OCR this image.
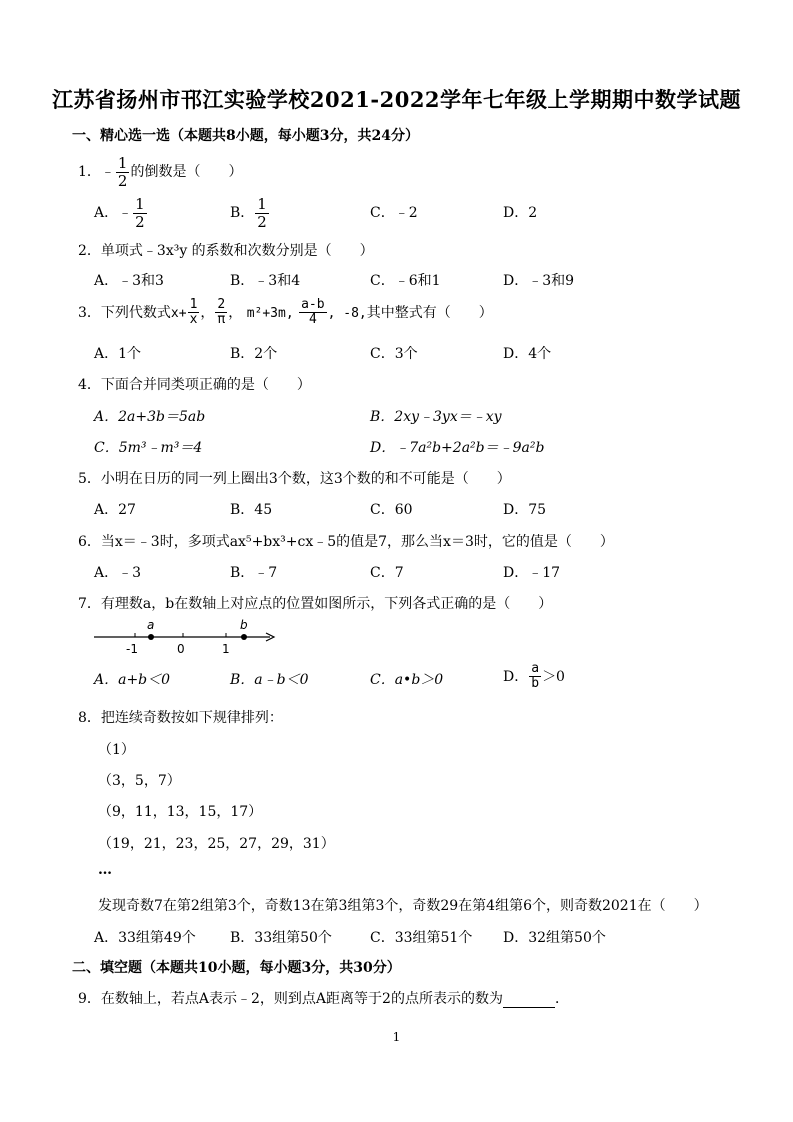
江苏省扬州市邗江实验学校2021-2022学年七年级上学期期中数学试题
一、精心选一选（本题共8小题，每小题3分，共24分）
1．﹣ $\frac{1}{2}$ 的倒数是（　　）
A．﹣ $\frac{1}{2}$	B． $\frac{1}{2}$	C．﹣2	D．2
2．单项式﹣3x³y 的系数和次数分别是（　　）
A．﹣3和3	B．﹣3和4	C．﹣6和1	D．﹣3和9
3．下列代数式$x+ \frac{1}{x}$ ， $\frac{2}{\pi}$ ， m²+3m, $\frac{a-b}{4}$ , -8,其中整式有（　　）
A．1个	B．2个	C．3个	D．4个
4．下面合并同类项正确的是（　　）
A．2a+3b＝5ab	B．2xy﹣3yx＝﹣xy
C．5m³﹣m³＝4	D．﹣7a²b+2a²b＝﹣9a²b
5．小明在日历的同一列上圈出3个数，这3个数的和不可能是（　　）
A．27	B．45	C．60	D．75
6．当x＝﹣3时，多项式ax⁵+bx³+cx﹣5的值是7，那么当x＝3时，它的值是（　　）
A．﹣3	B．﹣7	C．7	D．﹣17
7．有理数a，b在数轴上对应点的位置如图所示，下列各式正确的是（　　）
a	b
-1	0	1
A．a+b＜0	B．a﹣b＜0	C．a•b＞0	D． $\frac{a}{b} >0$
8．把连续奇数按如下规律排列：
（1）
（3，5，7）
（9，11，13，15，17）
（19，21，23，25，27，29，31）
…
发现奇数7在第2组第3个，奇数13在第3组第3个，奇数29在第4组第6个，则奇数2021在（　　）
A．33组第49个 B．33组第50个	C．33组第51个 D．32组第50个
二、填空题（本题共10小题，每小题3分，共30分）
9．在数轴上，若点A表示﹣2，则到点A距离等于2的点所表示的数为	．
1
